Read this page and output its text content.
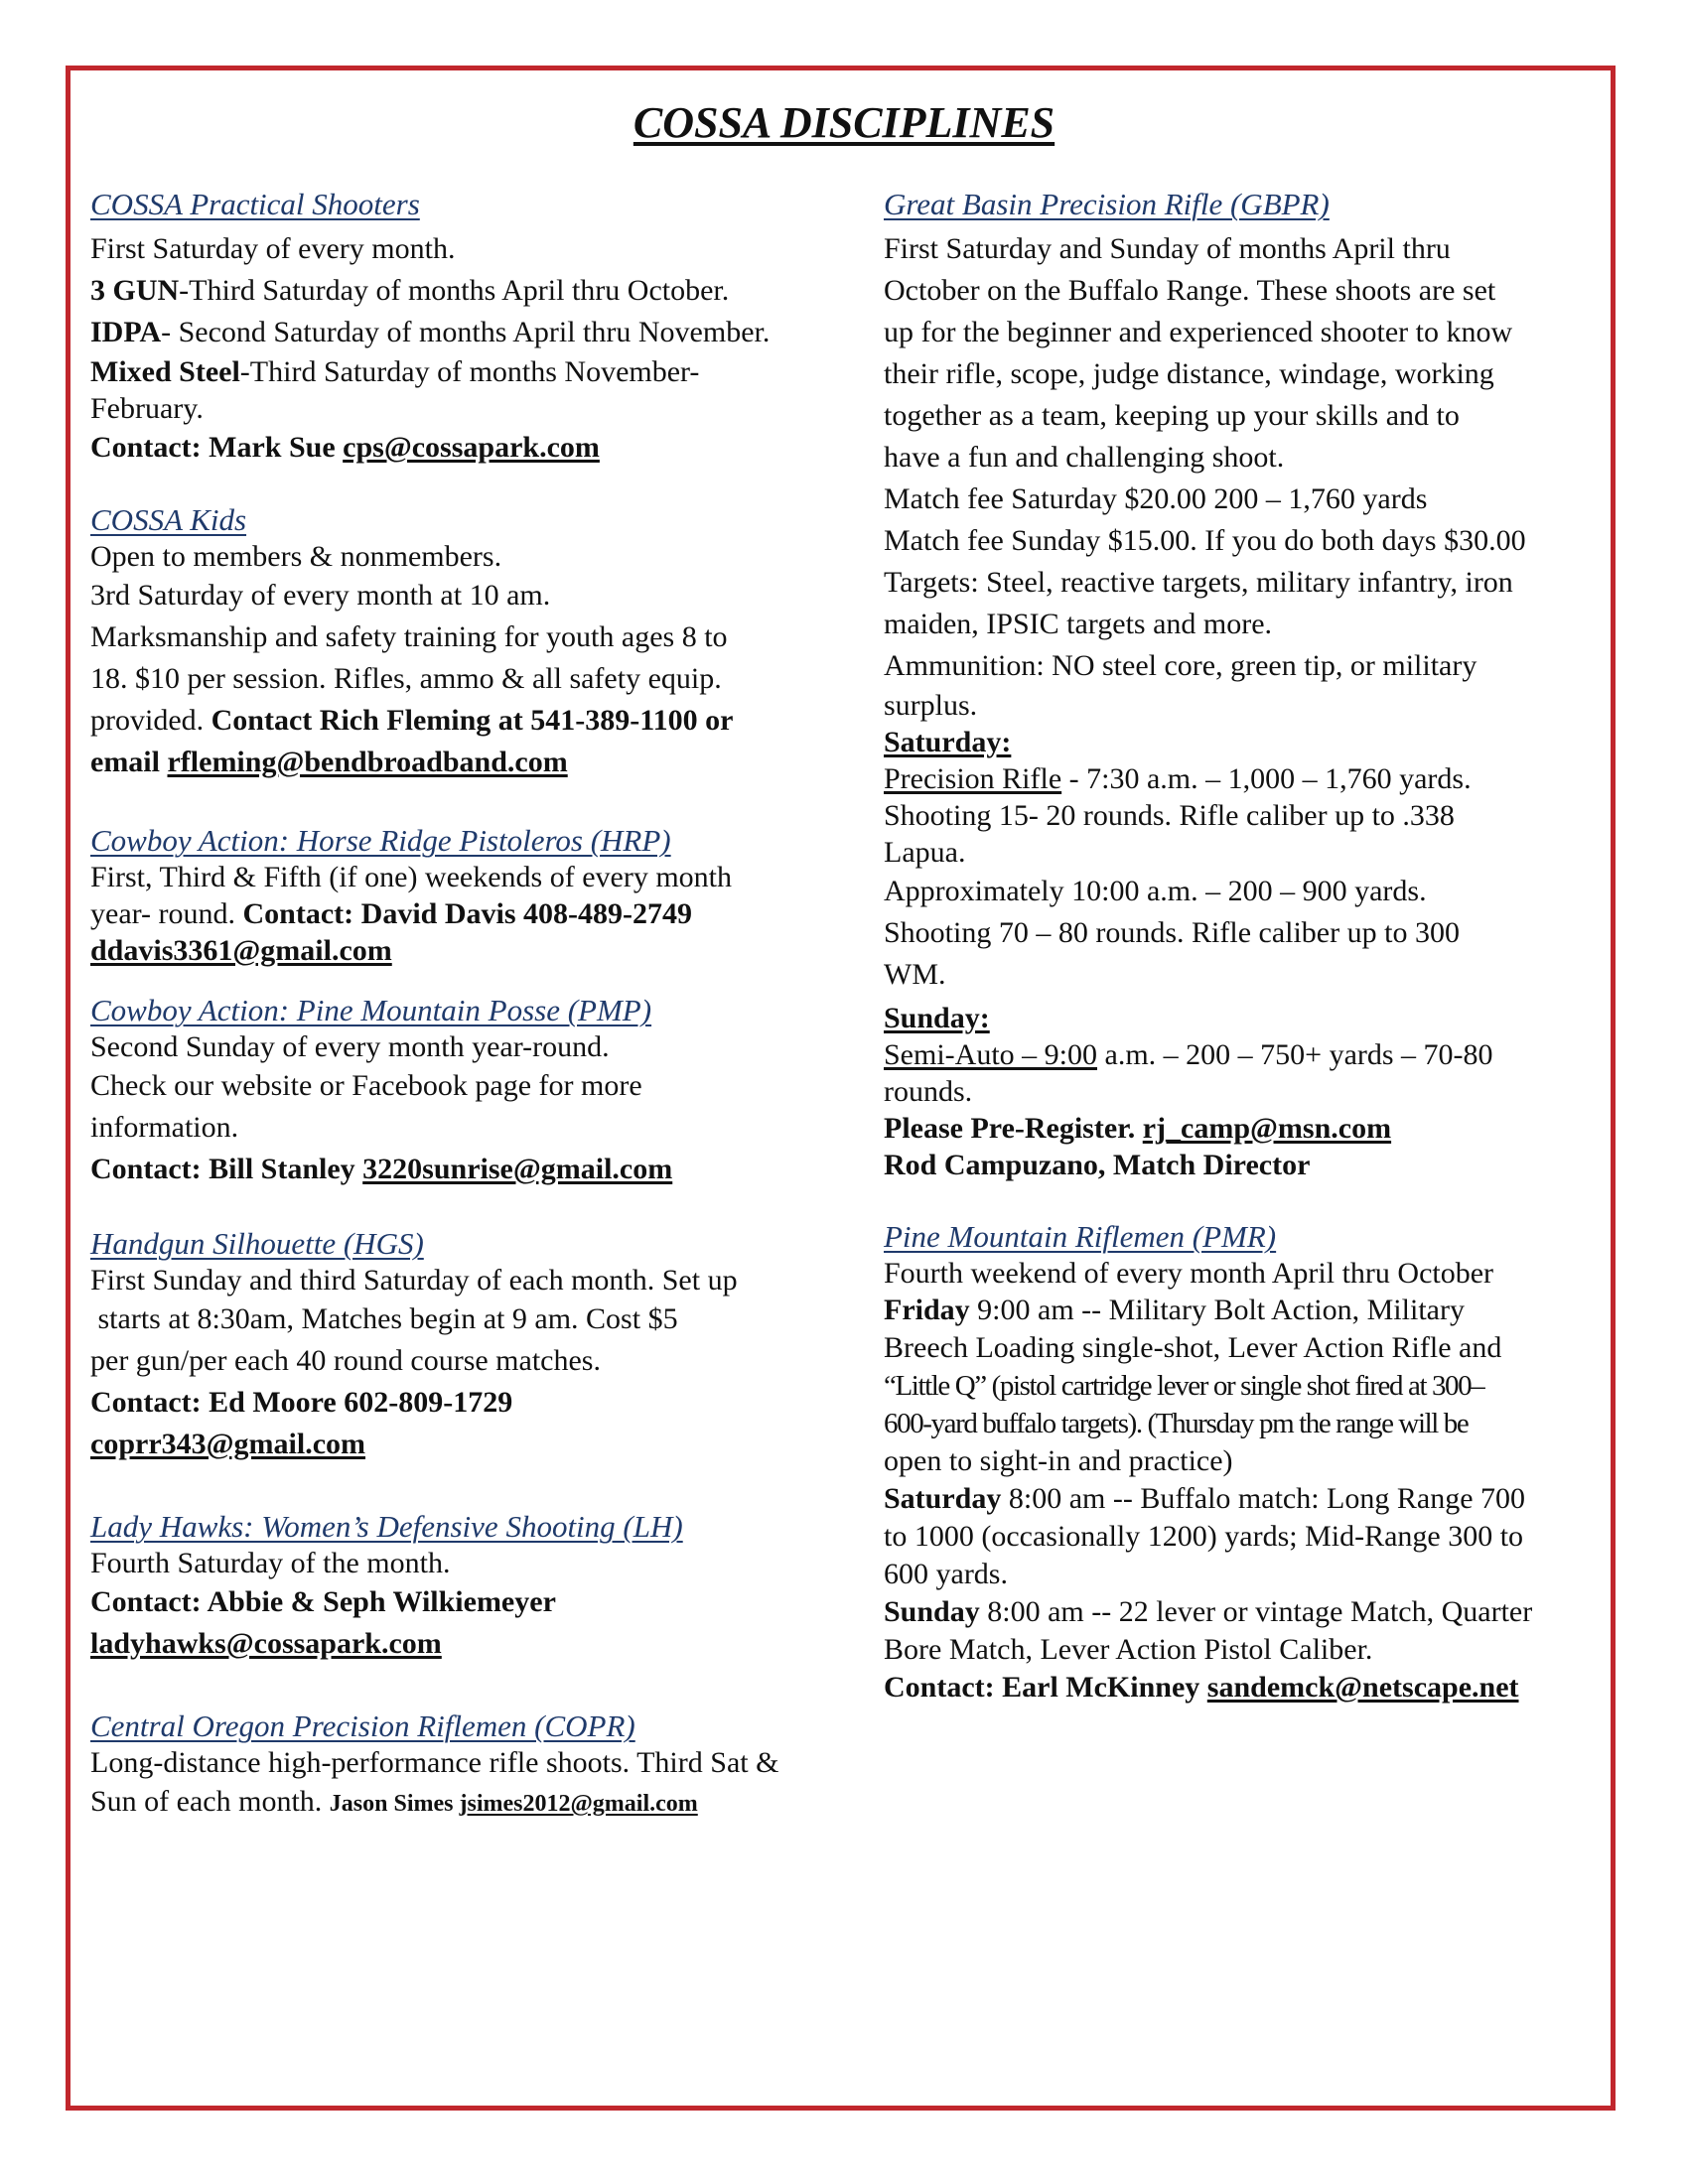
COSSA DISCIPLINES
COSSA Practical Shooters

First Saturday of every month.

3 GUN-Third Saturday of months April thru October.

IDPA- Second Saturday of months April thru November.

Mixed Steel-Third Saturday of months November-

February.

Contact: Mark Sue cps@cossapark.com

COSSA Kids

Open to members & nonmembers.

3rd Saturday of every month at 10 am.

Marksmanship and safety training for youth ages 8 to

18. $10 per session. Rifles, ammo & all safety equip.

provided. Contact Rich Fleming at 541-389-1100 or

email rfleming@bendbroadband.com

Cowboy Action: Horse Ridge Pistoleros (HRP)

First, Third & Fifth (if one) weekends of every month

year- round. Contact: David Davis 408-489-2749

ddavis3361@gmail.com

Cowboy Action: Pine Mountain Posse (PMP)

Second Sunday of every month year-round.

Check our website or Facebook page for more

information.

Contact: Bill Stanley 3220sunrise@gmail.com

Handgun Silhouette (HGS)

First Sunday and third Saturday of each month. Set up

starts at 8:30am, Matches begin at 9 am. Cost $5

per gun/per each 40 round course matches.

Contact: Ed Moore 602-809-1729

coprr343@gmail.com

Lady Hawks: Women’s Defensive Shooting (LH)

Fourth Saturday of the month.

Contact: Abbie & Seph Wilkiemeyer

ladyhawks@cossapark.com

Central Oregon Precision Riflemen (COPR)

Long-distance high-performance rifle shoots. Third Sat &

Sun of each month. Jason Simes jsimes2012@gmail.com

Great Basin Precision Rifle (GBPR)

First Saturday and Sunday of months April thru

October on the Buffalo Range. These shoots are set

up for the beginner and experienced shooter to know

their rifle, scope, judge distance, windage, working

together as a team, keeping up your skills and to

have a fun and challenging shoot.

Match fee Saturday $20.00 200 – 1,760 yards

Match fee Sunday $15.00. If you do both days $30.00

Targets: Steel, reactive targets, military infantry, iron

maiden, IPSIC targets and more.

Ammunition: NO steel core, green tip, or military

surplus.

Saturday:

Precision Rifle - 7:30 a.m. – 1,000 – 1,760 yards.

Shooting 15- 20 rounds. Rifle caliber up to .338

Lapua.

Approximately 10:00 a.m. – 200 – 900 yards.

Shooting 70 – 80 rounds. Rifle caliber up to 300

WM.

Sunday:

Semi-Auto – 9:00 a.m. – 200 – 750+ yards – 70-80

rounds.

Please Pre-Register. rj_camp@msn.com

Rod Campuzano, Match Director

Pine Mountain Riflemen (PMR)

Fourth weekend of every month April thru October

Friday 9:00 am -- Military Bolt Action, Military

Breech Loading single-shot, Lever Action Rifle and

“Little Q” (pistol cartridge lever or single shot fired at 300–

600-yard buffalo targets). (Thursday pm the range will be

open to sight-in and practice)

Saturday 8:00 am -- Buffalo match: Long Range 700

to 1000 (occasionally 1200) yards; Mid-Range 300 to

600 yards.

Sunday 8:00 am -- 22 lever or vintage Match, Quarter

Bore Match, Lever Action Pistol Caliber.

Contact: Earl McKinney sandemck@netscape.net
